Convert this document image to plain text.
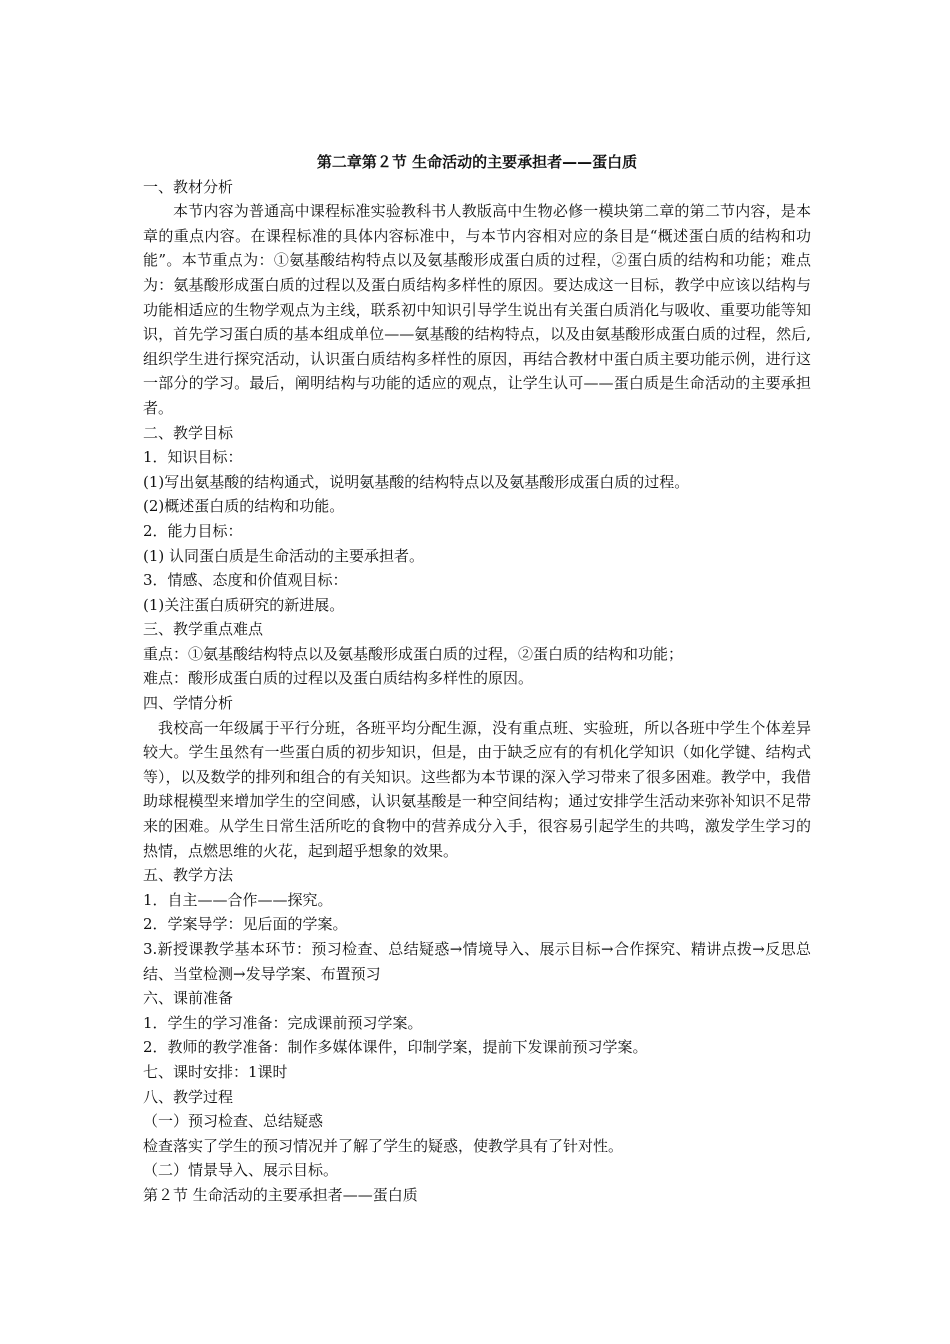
第二章第２节 生命活动的主要承担者——蛋白质

一、教材分析

本节内容为普通高中课程标准实验教科书人教版高中生物必修一模块第二章的第二节内容，是本章的重点内容。在课程标准的具体内容标准中，与本节内容相对应的条目是“概述蛋白质的结构和功能”。本节重点为：①氨基酸结构特点以及氨基酸形成蛋白质的过程，②蛋白质的结构和功能；难点为：氨基酸形成蛋白质的过程以及蛋白质结构多样性的原因。要达成这一目标，教学中应该以结构与功能相适应的生物学观点为主线，联系初中知识引导学生说出有关蛋白质消化与吸收、重要功能等知识，首先学习蛋白质的基本组成单位——氨基酸的结构特点，以及由氨基酸形成蛋白质的过程，然后,组织学生进行探究活动，认识蛋白质结构多样性的原因，再结合教材中蛋白质主要功能示例，进行这一部分的学习。最后，阐明结构与功能的适应的观点，让学生认可——蛋白质是生命活动的主要承担者。

二、教学目标

1．知识目标：

(1)写出氨基酸的结构通式，说明氨基酸的结构特点以及氨基酸形成蛋白质的过程。

(2)概述蛋白质的结构和功能。

2．能力目标：

(1) 认同蛋白质是生命活动的主要承担者。

3．情感、态度和价值观目标：

(1)关注蛋白质研究的新进展。

三、教学重点难点

重点：①氨基酸结构特点以及氨基酸形成蛋白质的过程，②蛋白质的结构和功能；

难点：酸形成蛋白质的过程以及蛋白质结构多样性的原因。

四、学情分析

我校高一年级属于平行分班，各班平均分配生源，没有重点班、实验班，所以各班中学生个体差异较大。学生虽然有一些蛋白质的初步知识，但是，由于缺乏应有的有机化学知识（如化学键、结构式等），以及数学的排列和组合的有关知识。这些都为本节课的深入学习带来了很多困难。教学中，我借助球棍模型来增加学生的空间感，认识氨基酸是一种空间结构；通过安排学生活动来弥补知识不足带来的困难。从学生日常生活所吃的食物中的营养成分入手，很容易引起学生的共鸣，激发学生学习的热情，点燃思维的火花，起到超乎想象的效果。

五、教学方法

1．自主——合作——探究。

2．学案导学：见后面的学案。

3.新授课教学基本环节：预习检查、总结疑惑→情境导入、展示目标→合作探究、精讲点拨→反思总结、当堂检测→发导学案、布置预习

六、课前准备

1．学生的学习准备：完成课前预习学案。

2．教师的教学准备：制作多媒体课件，印制学案，提前下发课前预习学案。

七、课时安排：1课时

八、教学过程

（一）预习检查、总结疑惑

检查落实了学生的预习情况并了解了学生的疑惑，使教学具有了针对性。

（二）情景导入、展示目标。

第２节 生命活动的主要承担者——蛋白质
